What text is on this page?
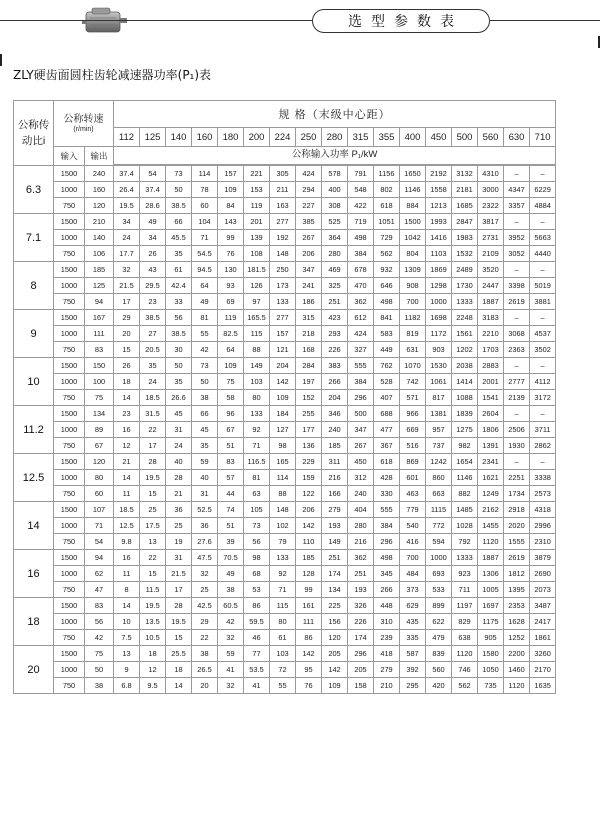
选型参数表
ZLY硬齿面圆柱齿轮减速器功率(P₁)表
公称传动比i	公称转速
(r/min)		规 格（末级中心距）																
			112	125	140	160	180	200	224	250	280	315	355	400	450	500	560	630	710
	输入	输出	公称输入功率 P₁/kW																

6.3	1500	240	37.4	54	73	114	157	221	305	424	578	791	1156	1650	2192	3132	4310	–	–
	1000	160	26.4	37.4	50	78	109	153	211	294	400	548	802	1146	1558	2181	3000	4347	6229
	750	120	19.5	28.6	38.5	60	84	119	163	227	308	422	618	884	1213	1685	2322	3357	4884
7.1	1500	210	34	49	66	104	143	201	277	385	525	719	1051	1500	1993	2847	3817	–	–
	1000	140	24	34	45.5	71	99	139	192	267	364	498	729	1042	1416	1983	2731	3952	5663
	750	106	17.7	26	35	54.5	76	108	148	206	280	384	562	804	1103	1532	2109	3052	4440
8	1500	185	32	43	61	94.5	130	181.5	250	347	469	678	932	1309	1869	2489	3520	–	–
	1000	125	21.5	29.5	42.4	64	93	126	173	241	325	470	646	908	1298	1730	2447	3398	5019
	750	94	17	23	33	49	69	97	133	186	251	362	498	700	1000	1333	1887	2619	3881
9	1500	167	29	38.5	56	81	119	165.5	277	315	423	612	841	1182	1698	2248	3183	–	–
	1000	111	20	27	38.5	55	82.5	115	157	218	293	424	583	819	1172	1561	2210	3068	4537
	750	83	15	20.5	30	42	64	88	121	168	226	327	449	631	903	1202	1703	2363	3502
10	1500	150	26	35	50	73	109	149	204	284	383	555	762	1070	1530	2038	2883	–	–
	1000	100	18	24	35	50	75	103	142	197	266	384	528	742	1061	1414	2001	2777	4112
	750	75	14	18.5	26.6	38	58	80	109	152	204	296	407	571	817	1088	1541	2139	3172
11.2	1500	134	23	31.5	45	66	96	133	184	255	346	500	688	966	1381	1839	2604	–	–
	1000	89	16	22	31	45	67	92	127	177	240	347	477	669	957	1275	1806	2506	3711
	750	67	12	17	24	35	51	71	98	136	185	267	367	516	737	982	1391	1930	2862
12.5	1500	120	21	28	40	59	83	116.5	165	229	311	450	618	869	1242	1654	2341	–	–
	1000	80	14	19.5	28	40	57	81	114	159	216	312	428	601	860	1146	1621	2251	3338
	750	60	11	15	21	31	44	63	88	122	166	240	330	463	663	882	1249	1734	2573
14	1500	107	18.5	25	36	52.5	74	105	148	206	279	404	555	779	1115	1485	2162	2918	4318
	1000	71	12.5	17.5	25	36	51	73	102	142	193	280	384	540	772	1028	1455	2020	2996
	750	54	9.8	13	19	27.6	39	56	79	110	149	216	296	416	594	792	1120	1555	2310
16	1500	94	16	22	31	47.5	70.5	98	133	185	251	362	498	700	1000	1333	1887	2619	3879
	1000	62	11	15	21.5	32	49	68	92	128	174	251	345	484	693	923	1306	1812	2690
	750	47	8	11.5	17	25	38	53	71	99	134	193	266	373	533	711	1005	1395	2073
18	1500	83	14	19.5	28	42.5	60.5	86	115	161	225	326	448	629	899	1197	1697	2353	3487
	1000	56	10	13.5	19.5	29	42	59.5	80	111	156	226	310	435	622	829	1175	1628	2417
	750	42	7.5	10.5	15	22	32	46	61	86	120	174	239	335	479	638	905	1252	1861
20	1500	75	13	18	25.5	38	59	77	103	142	205	296	418	587	839	1120	1580	2200	3260
	1000	50	9	12	18	26.5	41	53.5	72	95	142	205	279	392	560	746	1050	1460	2170
	750	38	6.8	9.5	14	20	32	41	55	76	109	158	210	295	420	562	735	1120	1635
